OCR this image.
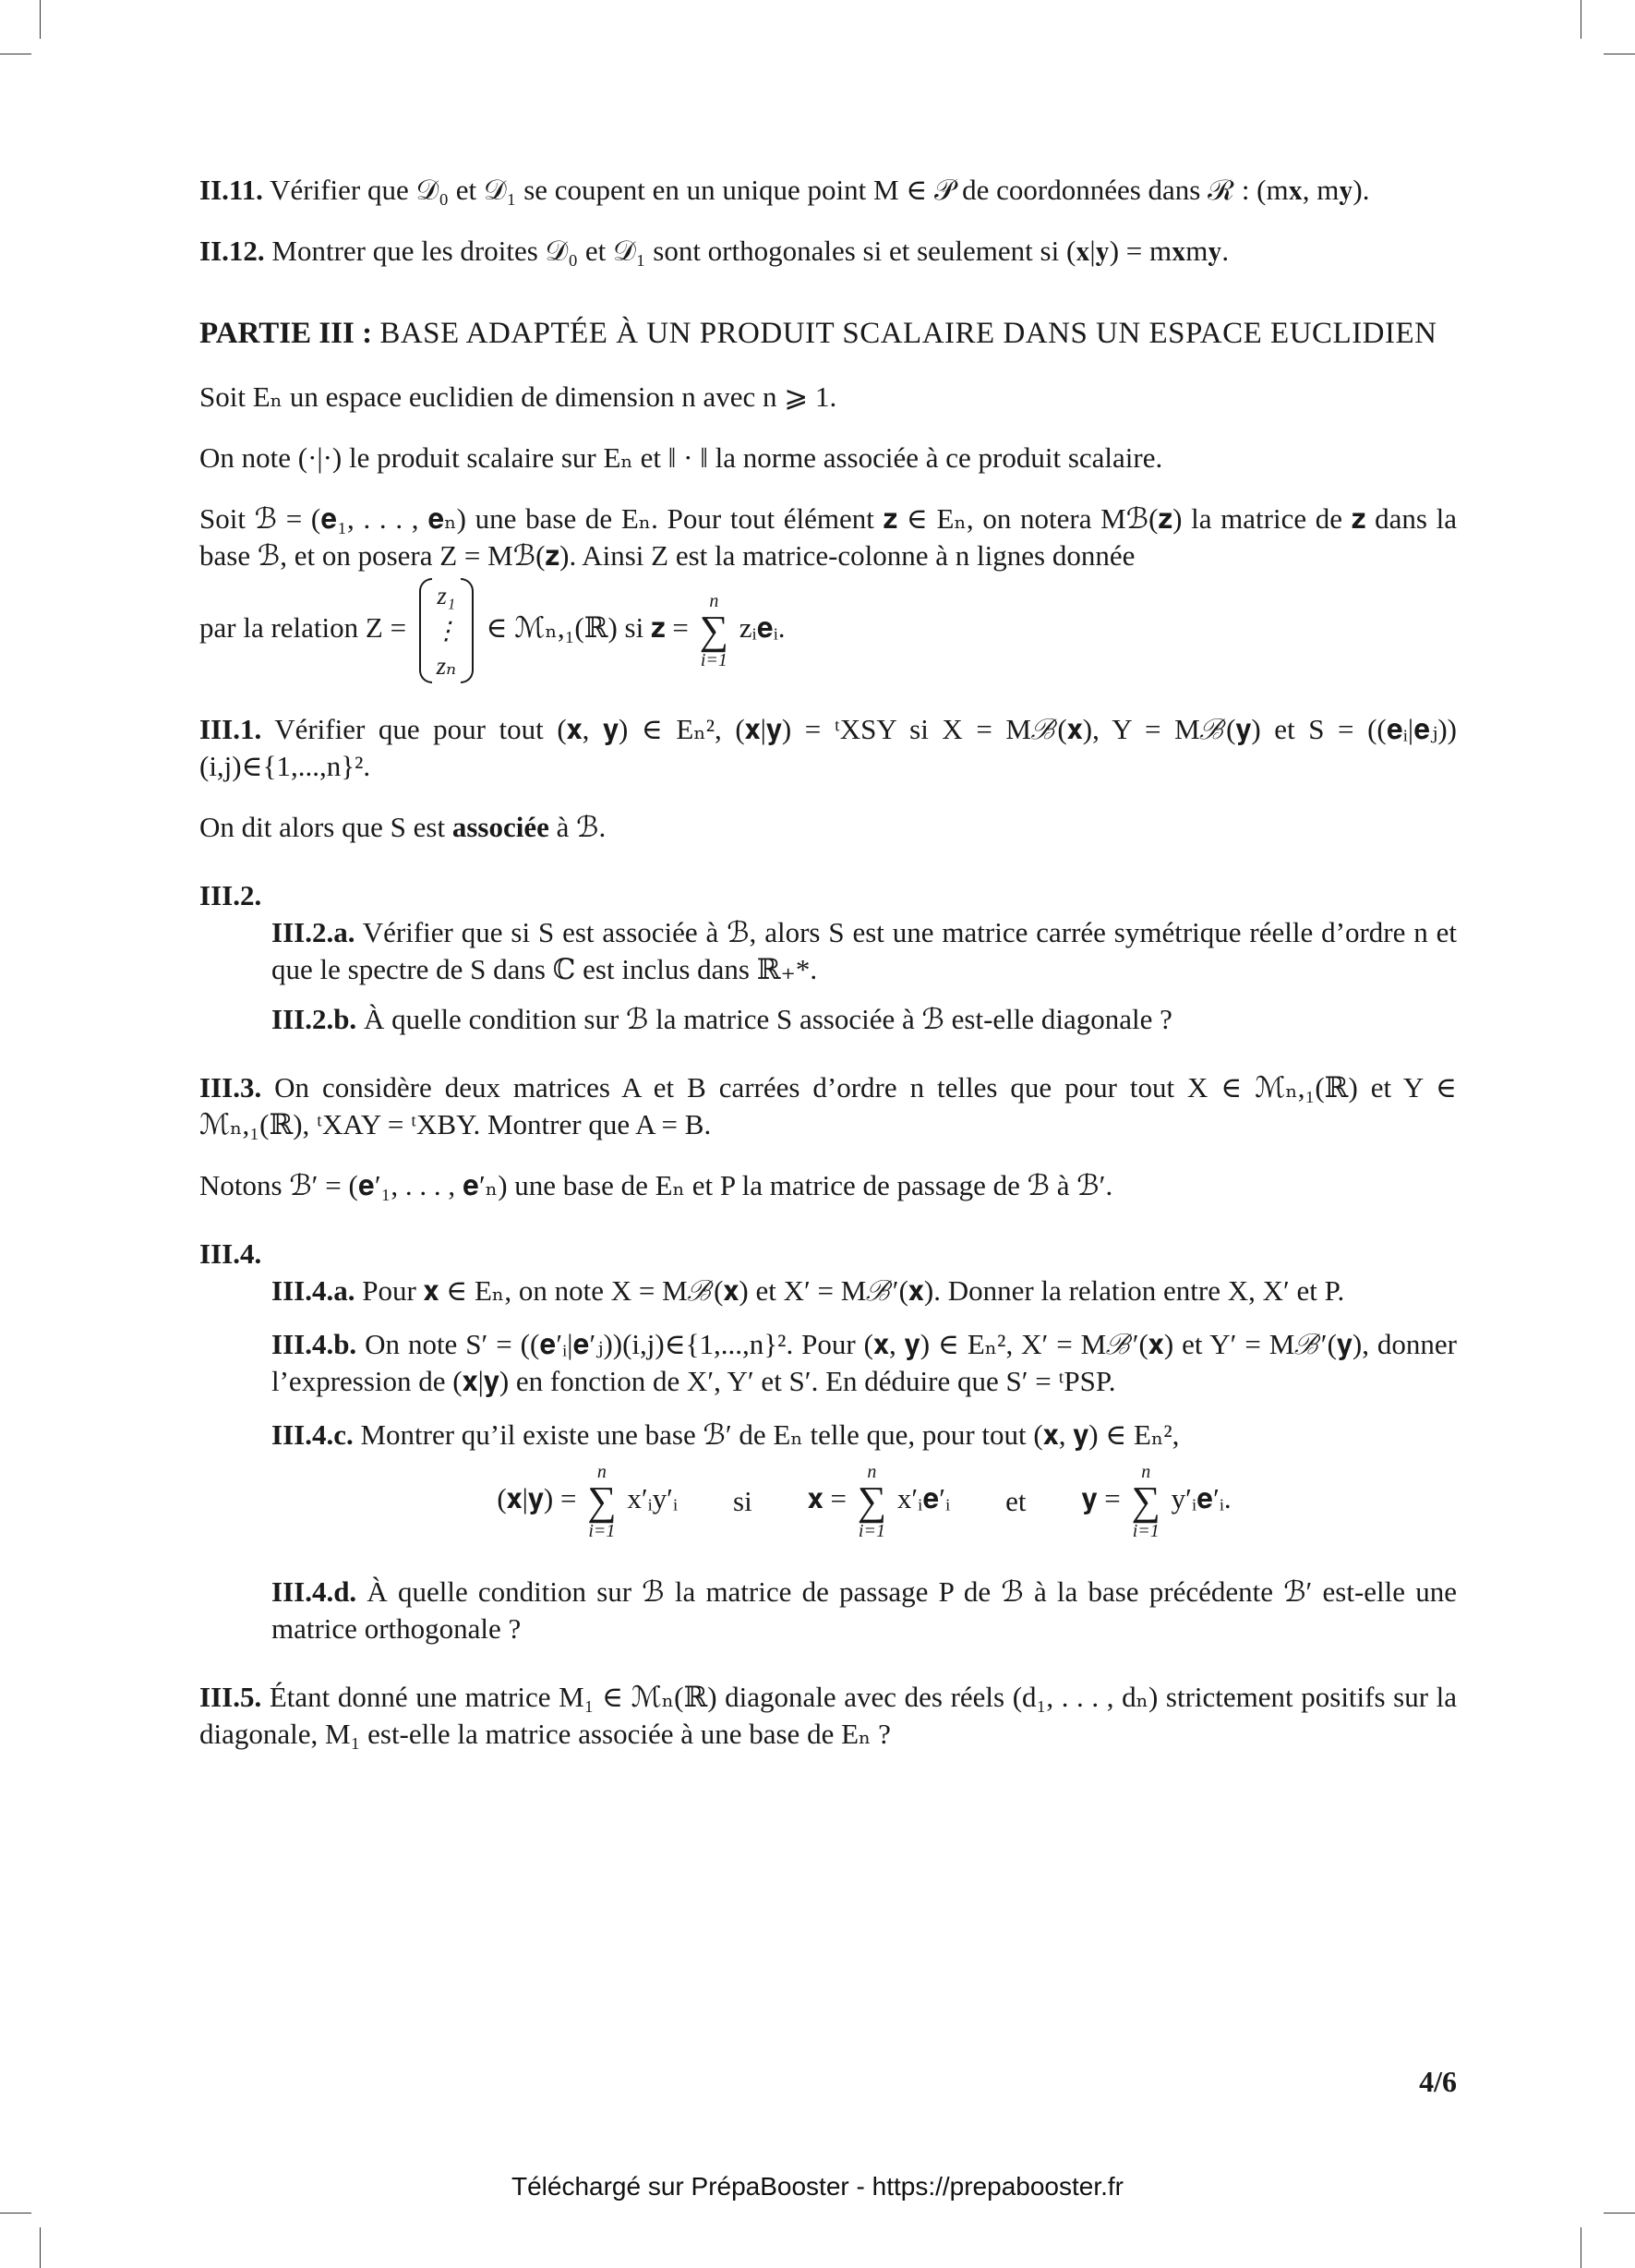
II.11. Vérifier que 𝒟₀ et 𝒟₁ se coupent en un unique point M ∈ 𝒫 de coordonnées dans ℛ : (m𝐱, m𝐲).

II.12. Montrer que les droites 𝒟₀ et 𝒟₁ sont orthogonales si et seulement si (𝐱|𝐲) = m𝐱m𝐲.

PARTIE III : BASE ADAPTÉE À UN PRODUIT SCALAIRE DANS UN ESPACE EUCLIDIEN

Soit Eₙ un espace euclidien de dimension n avec n ⩾ 1.

On note (·|·) le produit scalaire sur Eₙ et ‖ · ‖ la norme associée à ce produit scalaire.

Soit ℬ = (𝐞₁, . . . , 𝐞ₙ) une base de Eₙ. Pour tout élément 𝐳 ∈ Eₙ, on notera Mℬ(𝐳) la matrice de 𝐳 dans la base ℬ, et on posera Z = Mℬ(𝐳). Ainsi Z est la matrice-colonne à n lignes donnée

par la relation Z =
z₁
⋮
zₙ
∈ ℳₙ,₁(ℝ) si 𝐳 =
n
∑
i=1
zᵢ𝐞ᵢ.

III.1. Vérifier que pour tout (𝐱, 𝐲) ∈ Eₙ², (𝐱|𝐲) = ᵗXSY si X = Mℬ(𝐱), Y = Mℬ(𝐲) et S = ((𝐞ᵢ|𝐞ⱼ))(i,j)∈{1,...,n}².

On dit alors que S est associée à ℬ.

III.2.

III.2.a. Vérifier que si S est associée à ℬ, alors S est une matrice carrée symétrique réelle d’ordre n et que le spectre de S dans ℂ est inclus dans ℝ₊*.

III.2.b. À quelle condition sur ℬ la matrice S associée à ℬ est-elle diagonale ?

III.3. On considère deux matrices A et B carrées d’ordre n telles que pour tout X ∈ ℳₙ,₁(ℝ) et Y ∈ ℳₙ,₁(ℝ), ᵗXAY = ᵗXBY. Montrer que A = B.

Notons ℬ′ = (𝐞′₁, . . . , 𝐞′ₙ) une base de Eₙ et P la matrice de passage de ℬ à ℬ′.

III.4.

III.4.a. Pour 𝐱 ∈ Eₙ, on note X = Mℬ(𝐱) et X′ = Mℬ′(𝐱). Donner la relation entre X, X′ et P.

III.4.b. On note S′ = ((𝐞′ᵢ|𝐞′ⱼ))(i,j)∈{1,...,n}². Pour (𝐱, 𝐲) ∈ Eₙ², X′ = Mℬ′(𝐱) et Y′ = Mℬ′(𝐲), donner l’expression de (𝐱|𝐲) en fonction de X′, Y′ et S′. En déduire que S′ = ᵗPSP.

III.4.c. Montrer qu’il existe une base ℬ′ de Eₙ telle que, pour tout (𝐱, 𝐲) ∈ Eₙ²,

(𝐱|𝐲) =
n
∑
i=1
x′ᵢy′ᵢ si 𝐱 =
n
∑
i=1
x′ᵢ𝐞′ᵢ et 𝐲 =
n
∑
i=1
y′ᵢ𝐞′ᵢ.

III.4.d. À quelle condition sur ℬ la matrice de passage P de ℬ à la base précédente ℬ′ est-elle une matrice orthogonale ?

III.5. Étant donné une matrice M₁ ∈ ℳₙ(ℝ) diagonale avec des réels (d₁, . . . , dₙ) strictement positifs sur la diagonale, M₁ est-elle la matrice associée à une base de Eₙ ?

4/6
Téléchargé sur PrépaBooster - https://prepabooster.fr
